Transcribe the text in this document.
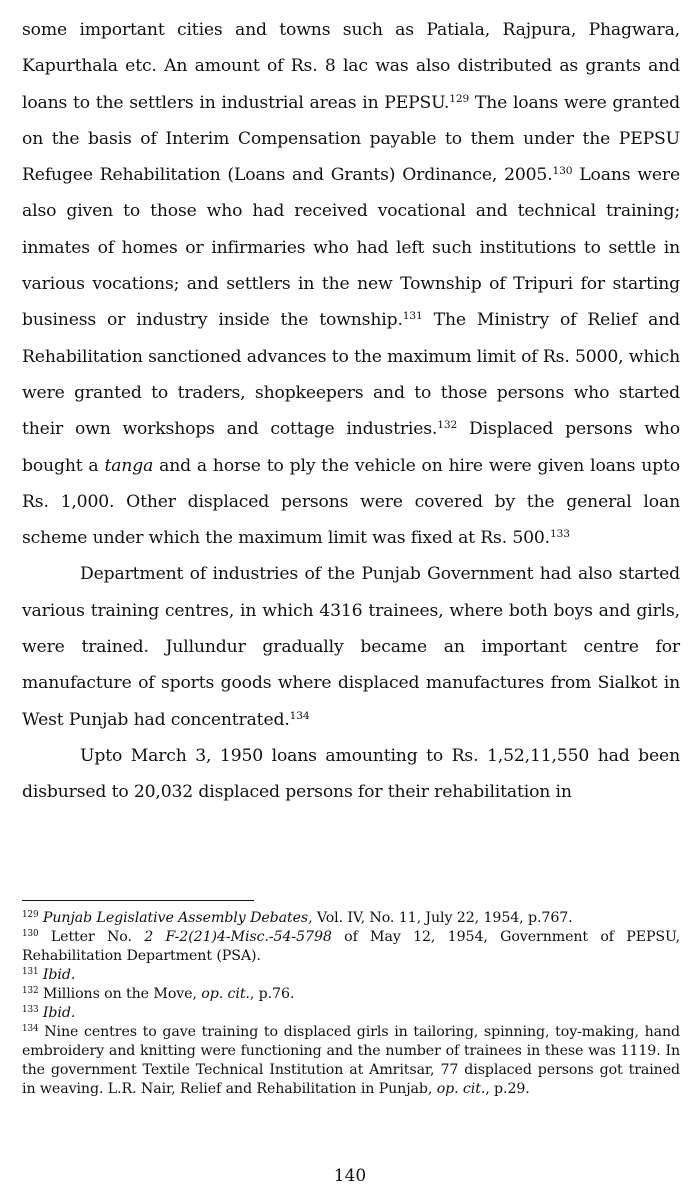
some important cities and towns such as Patiala, Rajpura, Phagwara, Kapurthala etc. An amount of Rs. 8 lac was also distributed as grants and loans to the settlers in industrial areas in PEPSU.$^{129}$ The loans were granted on the basis of Interim Compensation payable to them under the PEPSU Refugee Rehabilitation (Loans and Grants) Ordinance, 2005.$^{130}$ Loans were also given to those who had received vocational and technical training; inmates of homes or infirmaries who had left such institutions to settle in various vocations; and settlers in the new Township of Tripuri for starting business or industry inside the township.$^{131}$ The Ministry of Relief and Rehabilitation sanctioned advances to the maximum limit of Rs. 5000, which were granted to traders, shopkeepers and to those persons who started their own workshops and cottage industries.$^{132}$ Displaced persons who bought a tanga and a horse to ply the vehicle on hire were given loans upto Rs. 1,000. Other displaced persons were covered by the general loan scheme under which the maximum limit was fixed at Rs. 500.$^{133}$

Department of industries of the Punjab Government had also started various training centres, in which 4316 trainees, where both boys and girls, were trained. Jullundur gradually became an important centre for manufacture of sports goods where displaced manufactures from Sialkot in West Punjab had concentrated.$^{134}$

Upto March 3, 1950 loans amounting to Rs. 1,52,11,550 had been disbursed to 20,032 displaced persons for their rehabilitation in

$^{129}$ Punjab Legislative Assembly Debates, Vol. IV, No. 11, July 22, 1954, p.767.

$^{130}$ Letter No. 2 F-2(21)4-Misc.-54-5798 of May 12, 1954, Government of PEPSU, Rehabilitation Department (PSA).

$^{131}$ Ibid.

$^{132}$ Millions on the Move, op. cit., p.76.

$^{133}$ Ibid.

$^{134}$ Nine centres to gave training to displaced girls in tailoring, spinning, toy-making, hand embroidery and knitting were functioning and the number of trainees in these was 1119. In the government Textile Technical Institution at Amritsar, 77 displaced persons got trained in weaving. L.R. Nair, Relief and Rehabilitation in Punjab, op. cit., p.29.

140
